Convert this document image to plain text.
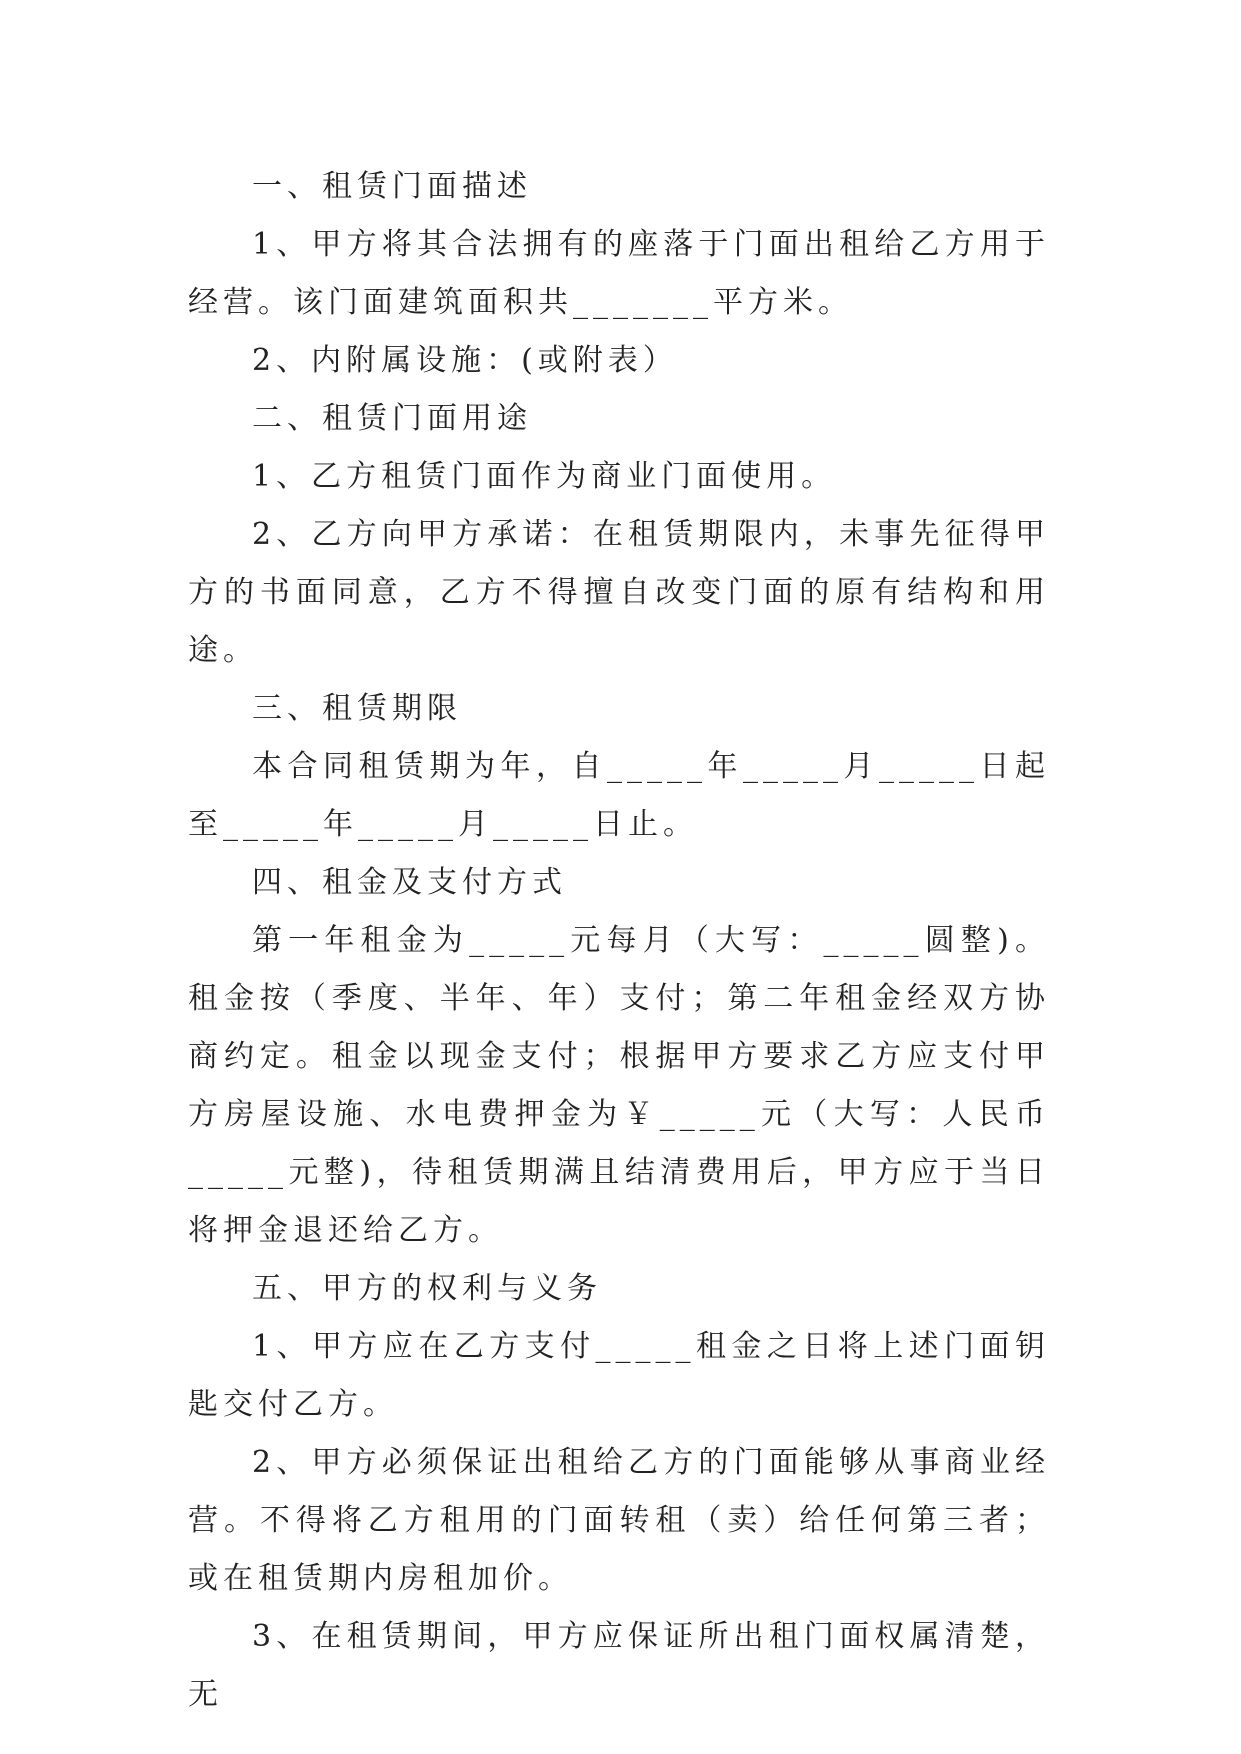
一、租赁门面描述

1、甲方将其合法拥有的座落于门面出租给乙方用于经营。该门面建筑面积共_______平方米。

2、内附属设施：(或附表）

二、租赁门面用途

1、乙方租赁门面作为商业门面使用。

2、乙方向甲方承诺：在租赁期限内，未事先征得甲方的书面同意，乙方不得擅自改变门面的原有结构和用途。

三、租赁期限

本合同租赁期为年，自_____年_____月_____日起至_____年_____月_____日止。

四、租金及支付方式

第一年租金为_____元每月（大写：_____圆整)。租金按（季度、半年、年）支付；第二年租金经双方协商约定。租金以现金支付；根据甲方要求乙方应支付甲方房屋设施、水电费押金为￥_____元（大写：人民币_____元整)，待租赁期满且结清费用后，甲方应于当日将押金退还给乙方。

五、甲方的权利与义务

1、甲方应在乙方支付_____租金之日将上述门面钥匙交付乙方。

2、甲方必须保证出租给乙方的门面能够从事商业经营。不得将乙方租用的门面转租（卖）给任何第三者；或在租赁期内房租加价。

3、在租赁期间，甲方应保证所出租门面权属清楚，无
